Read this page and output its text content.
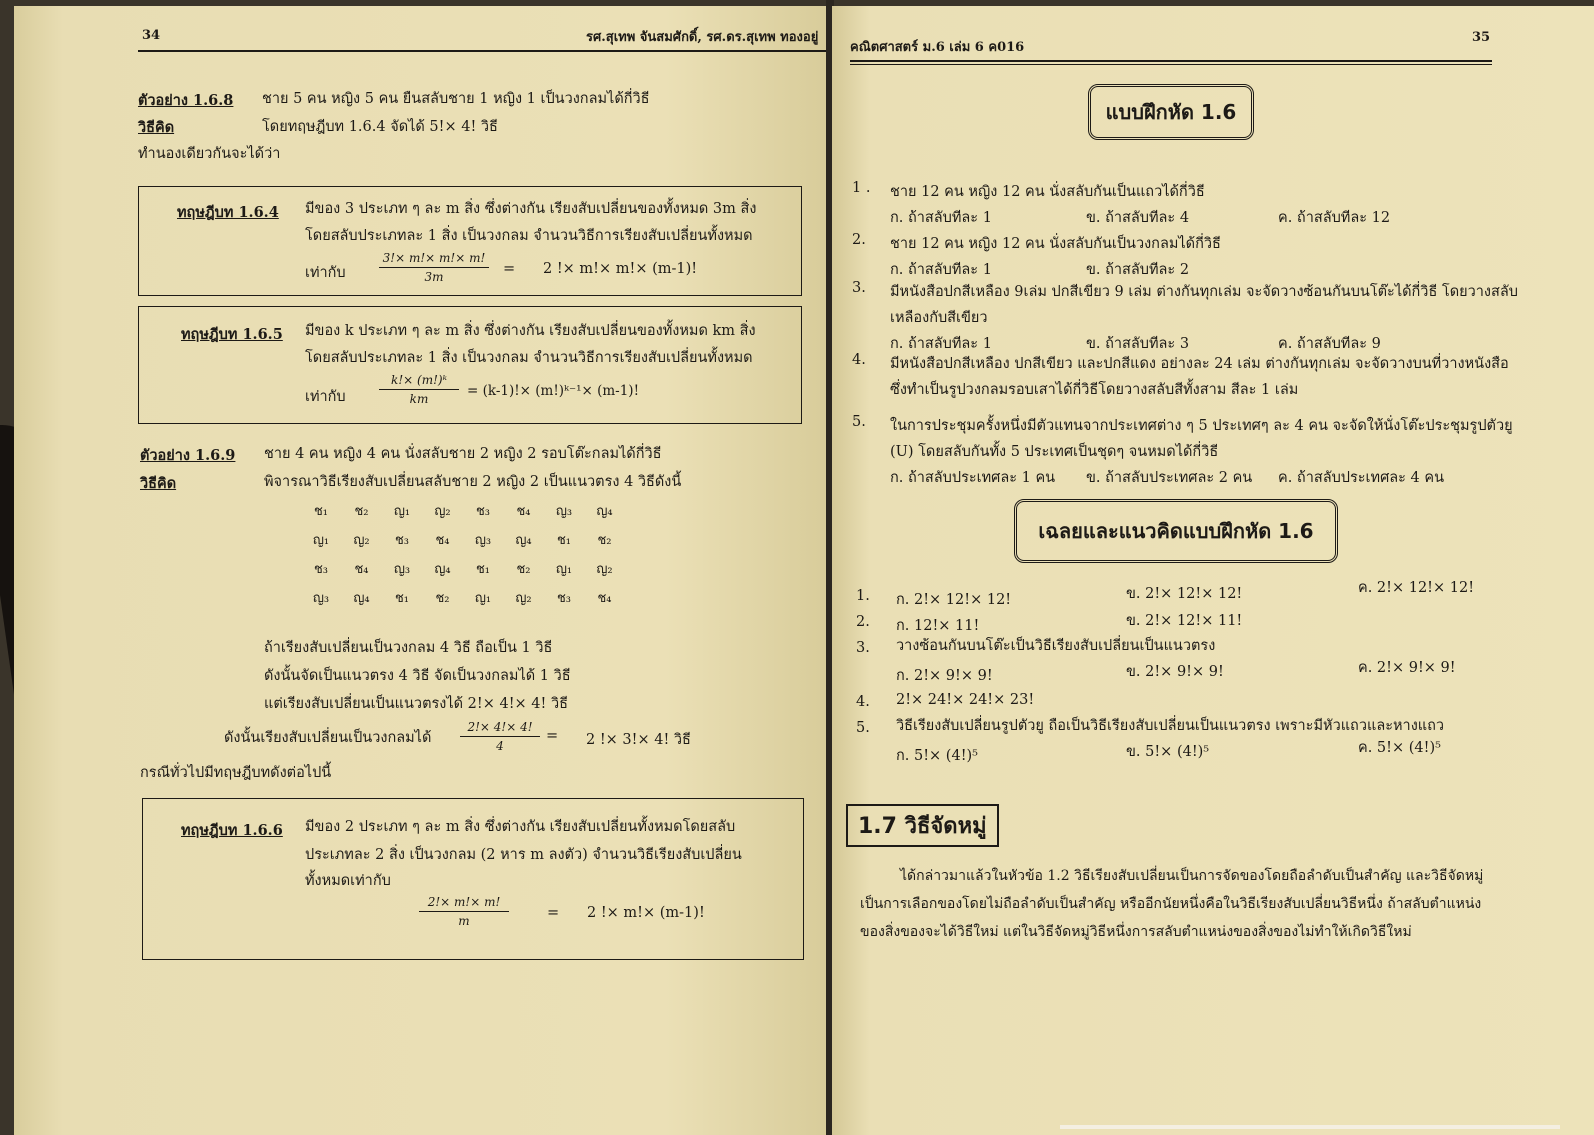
34	รศ.สุเทพ จันสมศักดิ์, รศ.ดร.สุเทพ ทองอยู่
ตัวอย่าง 1.6.8 ชาย 5 คน หญิง 5 คน ยืนสลับชาย 1 หญิง 1 เป็นวงกลมได้กี่วิธี
วิธีคิด	โดยทฤษฎีบท 1.6.4 จัดได้ 5!× 4! วิธี
ทำนองเดียวกันจะได้ว่า
ทฤษฎีบท 1.6.4 มีของ 3 ประเภท ๆ ละ m สิ่ง ซึ่งต่างกัน เรียงสับเปลี่ยนของทั้งหมด 3m สิ่ง
โดยสลับประเภทละ 1 สิ่ง เป็นวงกลม จำนวนวิธีการเรียงสับเปลี่ยนทั้งหมด
เท่ากับ
3!× m!× m!× m!
3m	= 2 !× m!× m!× (m-1)!
ทฤษฎีบท 1.6.5 มีของ k ประเภท ๆ ละ m สิ่ง ซึ่งต่างกัน เรียงสับเปลี่ยนของทั้งหมด km สิ่ง
โดยสลับประเภทละ 1 สิ่ง เป็นวงกลม จำนวนวิธีการเรียงสับเปลี่ยนทั้งหมด
เท่ากับ
k!× (m!)ᵏ
km	= (k-1)!× (m!)ᵏ⁻¹× (m-1)!
ตัวอย่าง 1.6.9 ชาย 4 คน หญิง 4 คน นั่งสลับชาย 2 หญิง 2 รอบโต๊ะกลมได้กี่วิธี
วิธีคิด	พิจารณาวิธีเรียงสับเปลี่ยนสลับชาย 2 หญิง 2 เป็นแนวตรง 4 วิธีดังนี้
ช₁	ช₂	ญ₁	ญ₂	ช₃	ช₄	ญ₃	ญ₄
ญ₁	ญ₂	ช₃	ช₄	ญ₃	ญ₄	ช₁	ช₂
ช₃	ช₄	ญ₃	ญ₄	ช₁	ช₂	ญ₁	ญ₂
ญ₃	ญ₄	ช₁	ช₂	ญ₁	ญ₂	ช₃	ช₄
ถ้าเรียงสับเปลี่ยนเป็นวงกลม 4 วิธี ถือเป็น 1 วิธี
ดังนั้นจัดเป็นแนวตรง 4 วิธี จัดเป็นวงกลมได้ 1 วิธี
แต่เรียงสับเปลี่ยนเป็นแนวตรงได้ 2!× 4!× 4! วิธี
ดังนั้นเรียงสับเปลี่ยนเป็นวงกลมได้
2!× 4!× 4!
4
= 2 !× 3!× 4! วิธี
กรณีทั่วไปมีทฤษฎีบทดังต่อไปนี้
ทฤษฎีบท 1.6.6 มีของ 2 ประเภท ๆ ละ m สิ่ง ซึ่งต่างกัน เรียงสับเปลี่ยนทั้งหมดโดยสลับ
ประเภทละ 2 สิ่ง เป็นวงกลม (2 หาร m ลงตัว) จำนวนวิธีเรียงสับเปลี่ยน
ทั้งหมดเท่ากับ
2!× m!× m!
m	= 2 !× m!× (m-1)!
คณิตศาสตร์ ม.6 เล่ม 6 ค016
35
แบบฝึกหัด 1.6
1 . ชาย 12 คน หญิง 12 คน นั่งสลับกันเป็นแถวได้กี่วิธี
ก. ถ้าสลับทีละ 1	ข. ถ้าสลับทีละ 4	ค. ถ้าสลับทีละ 12
2. ชาย 12 คน หญิง 12 คน นั่งสลับกันเป็นวงกลมได้กี่วิธี
ก. ถ้าสลับทีละ 1	ข. ถ้าสลับทีละ 2
3. มีหนังสือปกสีเหลือง 9เล่ม ปกสีเขียว 9 เล่ม ต่างกันทุกเล่ม จะจัดวางซ้อนกันบนโต๊ะได้กี่วิธี โดยวางสลับ
เหลืองกับสีเขียว
ก. ถ้าสลับทีละ 1	ข. ถ้าสลับทีละ 3	ค. ถ้าสลับทีละ 9
4. มีหนังสือปกสีเหลือง ปกสีเขียว และปกสีแดง อย่างละ 24 เล่ม ต่างกันทุกเล่ม จะจัดวางบนที่วางหนังสือ
ซึ่งทำเป็นรูปวงกลมรอบเสาได้กี่วิธีโดยวางสลับสีทั้งสาม สีละ 1 เล่ม
5. ในการประชุมครั้งหนึ่งมีตัวแทนจากประเทศต่าง ๆ 5 ประเทศๆ ละ 4 คน จะจัดให้นั่งโต๊ะประชุมรูปตัวยู
(U) โดยสลับกันทั้ง 5 ประเทศเป็นชุดๆ จนหมดได้กี่วิธี
ก. ถ้าสลับประเทศละ 1 คน ข. ถ้าสลับประเทศละ 2 คน ค. ถ้าสลับประเทศละ 4 คน
เฉลยและแนวคิดแบบฝึกหัด 1.6
1. ก. 2!× 12!× 12!	ข. 2!× 12!× 12!	ค. 2!× 12!× 12!
2. ก. 12!× 11!	ข. 2!× 12!× 11!
3. วางซ้อนกันบนโต๊ะเป็นวิธีเรียงสับเปลี่ยนเป็นแนวตรง
ก. 2!× 9!× 9!	ข. 2!× 9!× 9!	ค. 2!× 9!× 9!
4. 2!× 24!× 24!× 23!
5. วิธีเรียงสับเปลี่ยนรูปตัวยู ถือเป็นวิธีเรียงสับเปลี่ยนเป็นแนวตรง เพราะมีหัวแถวและหางแถว
ก. 5!× (4!)⁵	ข. 5!× (4!)⁵	ค. 5!× (4!)⁵
1.7 วิธีจัดหมู่
ได้กล่าวมาแล้วในหัวข้อ 1.2 วิธีเรียงสับเปลี่ยนเป็นการจัดของโดยถือลำดับเป็นสำคัญ และวิธีจัดหมู่เป็นการเลือกของโดยไม่ถือลำดับเป็นสำคัญ หรืออีกนัยหนึ่งคือในวิธีเรียงสับเปลี่ยนวิธีหนึ่ง ถ้าสลับตำแหน่งของสิ่งของจะได้วิธีใหม่ แต่ในวิธีจัดหมู่วิธีหนึ่งการสลับตำแหน่งของสิ่งของไม่ทำให้เกิดวิธีใหม่
